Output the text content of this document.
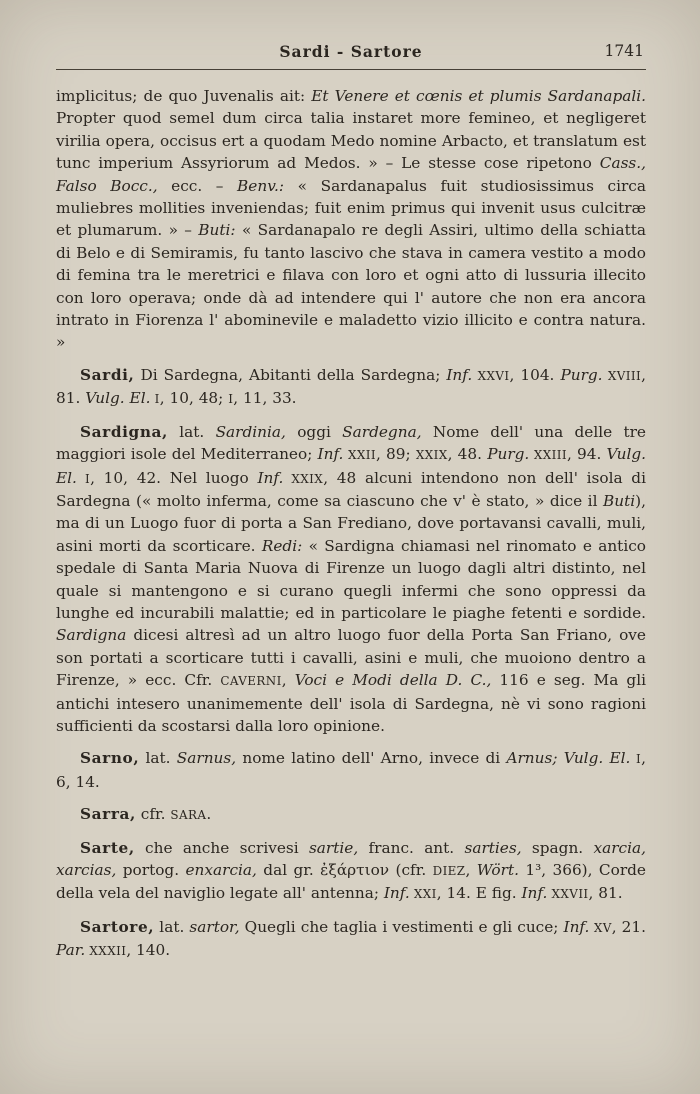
Sardi - Sartore	1741

implicitus; de quo Juvenalis ait: Et Venere et cœnis et plumis Sardanapali. Propter quod semel dum circa talia instaret more femineo, et negligeret virilia opera, occisus ert a quodam Medo nomine Arbacto, et translatum est tunc imperium Assyriorum ad Medos. » – Le stesse cose ripetono Cass., Falso Bocc., ecc. – Benv.: « Sardanapalus fuit studiosissimus circa muliebres mollities inveniendas; fuit enim primus qui invenit usus culcitræ et plumarum. » – Buti: « Sardanapalo re degli Assiri, ultimo della schiatta di Belo e di Semiramis, fu tanto lascivo che stava in camera vestito a modo di femina tra le meretrici e filava con loro et ogni atto di lussuria illecito con loro operava; onde dà ad intendere qui l' autore che non era ancora intrato in Fiorenza l' abominevile e maladetto vizio illicito e contra natura. »

Sardi, Di Sardegna, Abitanti della Sardegna; Inf. XXVI, 104. Purg. XVIII, 81. Vulg. El. I, 10, 48; I, 11, 33.

Sardigna, lat. Sardinia, oggi Sardegna, Nome dell' una delle tre maggiori isole del Mediterraneo; Inf. XXII, 89; XXIX, 48. Purg. XXIII, 94. Vulg. El. I, 10, 42. Nel luogo Inf. XXIX, 48 alcuni intendono non dell' isola di Sardegna (« molto inferma, come sa ciascuno che v' è stato, » dice il Buti), ma di un Luogo fuor di porta a San Frediano, dove portavansi cavalli, muli, asini morti da scorticare. Redi: « Sardigna chiamasi nel rinomato e antico spedale di Santa Maria Nuova di Firenze un luogo dagli altri distinto, nel quale si mantengono e si curano quegli infermi che sono oppressi da lunghe ed incurabili malattie; ed in particolare le piaghe fetenti e sordide. Sardigna dicesi altresì ad un altro luogo fuor della Porta San Friano, ove son portati a scorticare tutti i cavalli, asini e muli, che muoiono dentro a Firenze, » ecc. Cfr. CAVERNI, Voci e Modi della D. C., 116 e seg. Ma gli antichi intesero unanimemente dell' isola di Sardegna, nè vi sono ragioni sufficienti da scostarsi dalla loro opinione.

Sarno, lat. Sarnus, nome latino dell' Arno, invece di Arnus; Vulg. El. I, 6, 14.

Sarra, cfr. SARA.

Sarte, che anche scrivesi sartie, franc. ant. sarties, spagn. xarcia, xarcias, portog. enxarcia, dal gr. ἐξάρτιον (cfr. DIEZ, Wört. 1³, 366), Corde della vela del naviglio legate all' antenna; Inf. XXI, 14. E fig. Inf. XXVII, 81.

Sartore, lat. sartor, Quegli che taglia i vestimenti e gli cuce; Inf. XV, 21. Par. XXXII, 140.
